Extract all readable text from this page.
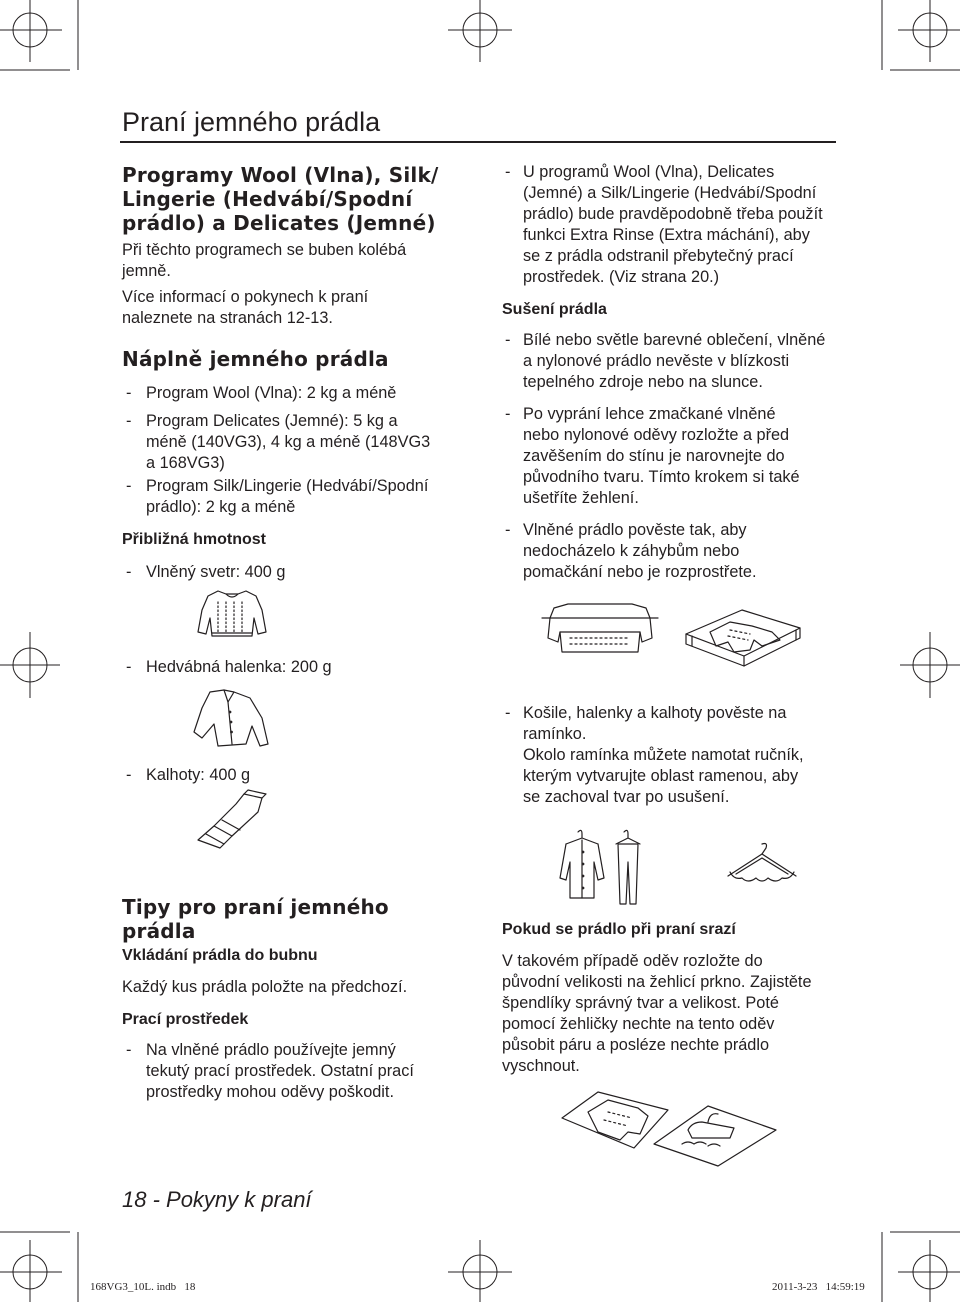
Praní jemného prádla
Programy Wool (Vlna), Silk/
Lingerie (Hedvábí/Spodní
prádlo) a Delicates (Jemné)
Při těchto programech se buben kolébá
jemně.
Více informací o pokynech k praní
naleznete na stranách 12-13.
Náplně jemného prádla
- Program Wool (Vlna): 2 kg a méně
- Program Delicates (Jemné): 5 kg a
méně (140VG3), 4 kg a méně (148VG3
a 168VG3)
- Program Silk/Lingerie (Hedvábí/Spodní
prádlo): 2 kg a méně
Přibližná hmotnost
- Vlněný svetr: 400 g
- Hedvábná halenka: 200 g
- Kalhoty: 400 g
Tipy pro praní jemného
prádla
Vkládání prádla do bubnu
Každý kus prádla položte na předchozí.
Prací prostředek
- Na vlněné prádlo používejte jemný
tekutý prací prostředek. Ostatní prací
prostředky mohou oděvy poškodit.
- U programů Wool (Vlna), Delicates
(Jemné) a Silk/Lingerie (Hedvábí/Spodní
prádlo) bude pravděpodobně třeba použít
funkci Extra Rinse (Extra máchání), aby
se z prádla odstranil přebytečný prací
prostředek. (Viz strana 20.)
Sušení prádla
- Bílé nebo světle barevné oblečení, vlněné
a nylonové prádlo nevěste v blízkosti
tepelného zdroje nebo na slunce.
- Po vyprání lehce zmačkané vlněné
nebo nylonové oděvy rozložte a před
zavěšením do stínu je narovnejte do
původního tvaru. Tímto krokem si také
ušetříte žehlení.
- Vlněné prádlo pověste tak, aby
nedocházelo k záhybům nebo
pomačkání nebo je rozprostřete.
- Košile, halenky a kalhoty pověste na
ramínko.
Okolo ramínka můžete namotat ručník,
kterým vytvarujte oblast ramenou, aby
se zachoval tvar po usušení.
Pokud se prádlo při praní srazí
V takovém případě oděv rozložte do
původní velikosti na žehlicí prkno. Zajistěte
špendlíky správný tvar a velikost. Poté
pomocí žehličky nechte na tento oděv
působit páru a posléze nechte prádlo
vyschnout.
18 - Pokyny k praní
168VG3_10L. indb   18	2011-3-23   14:59:19
